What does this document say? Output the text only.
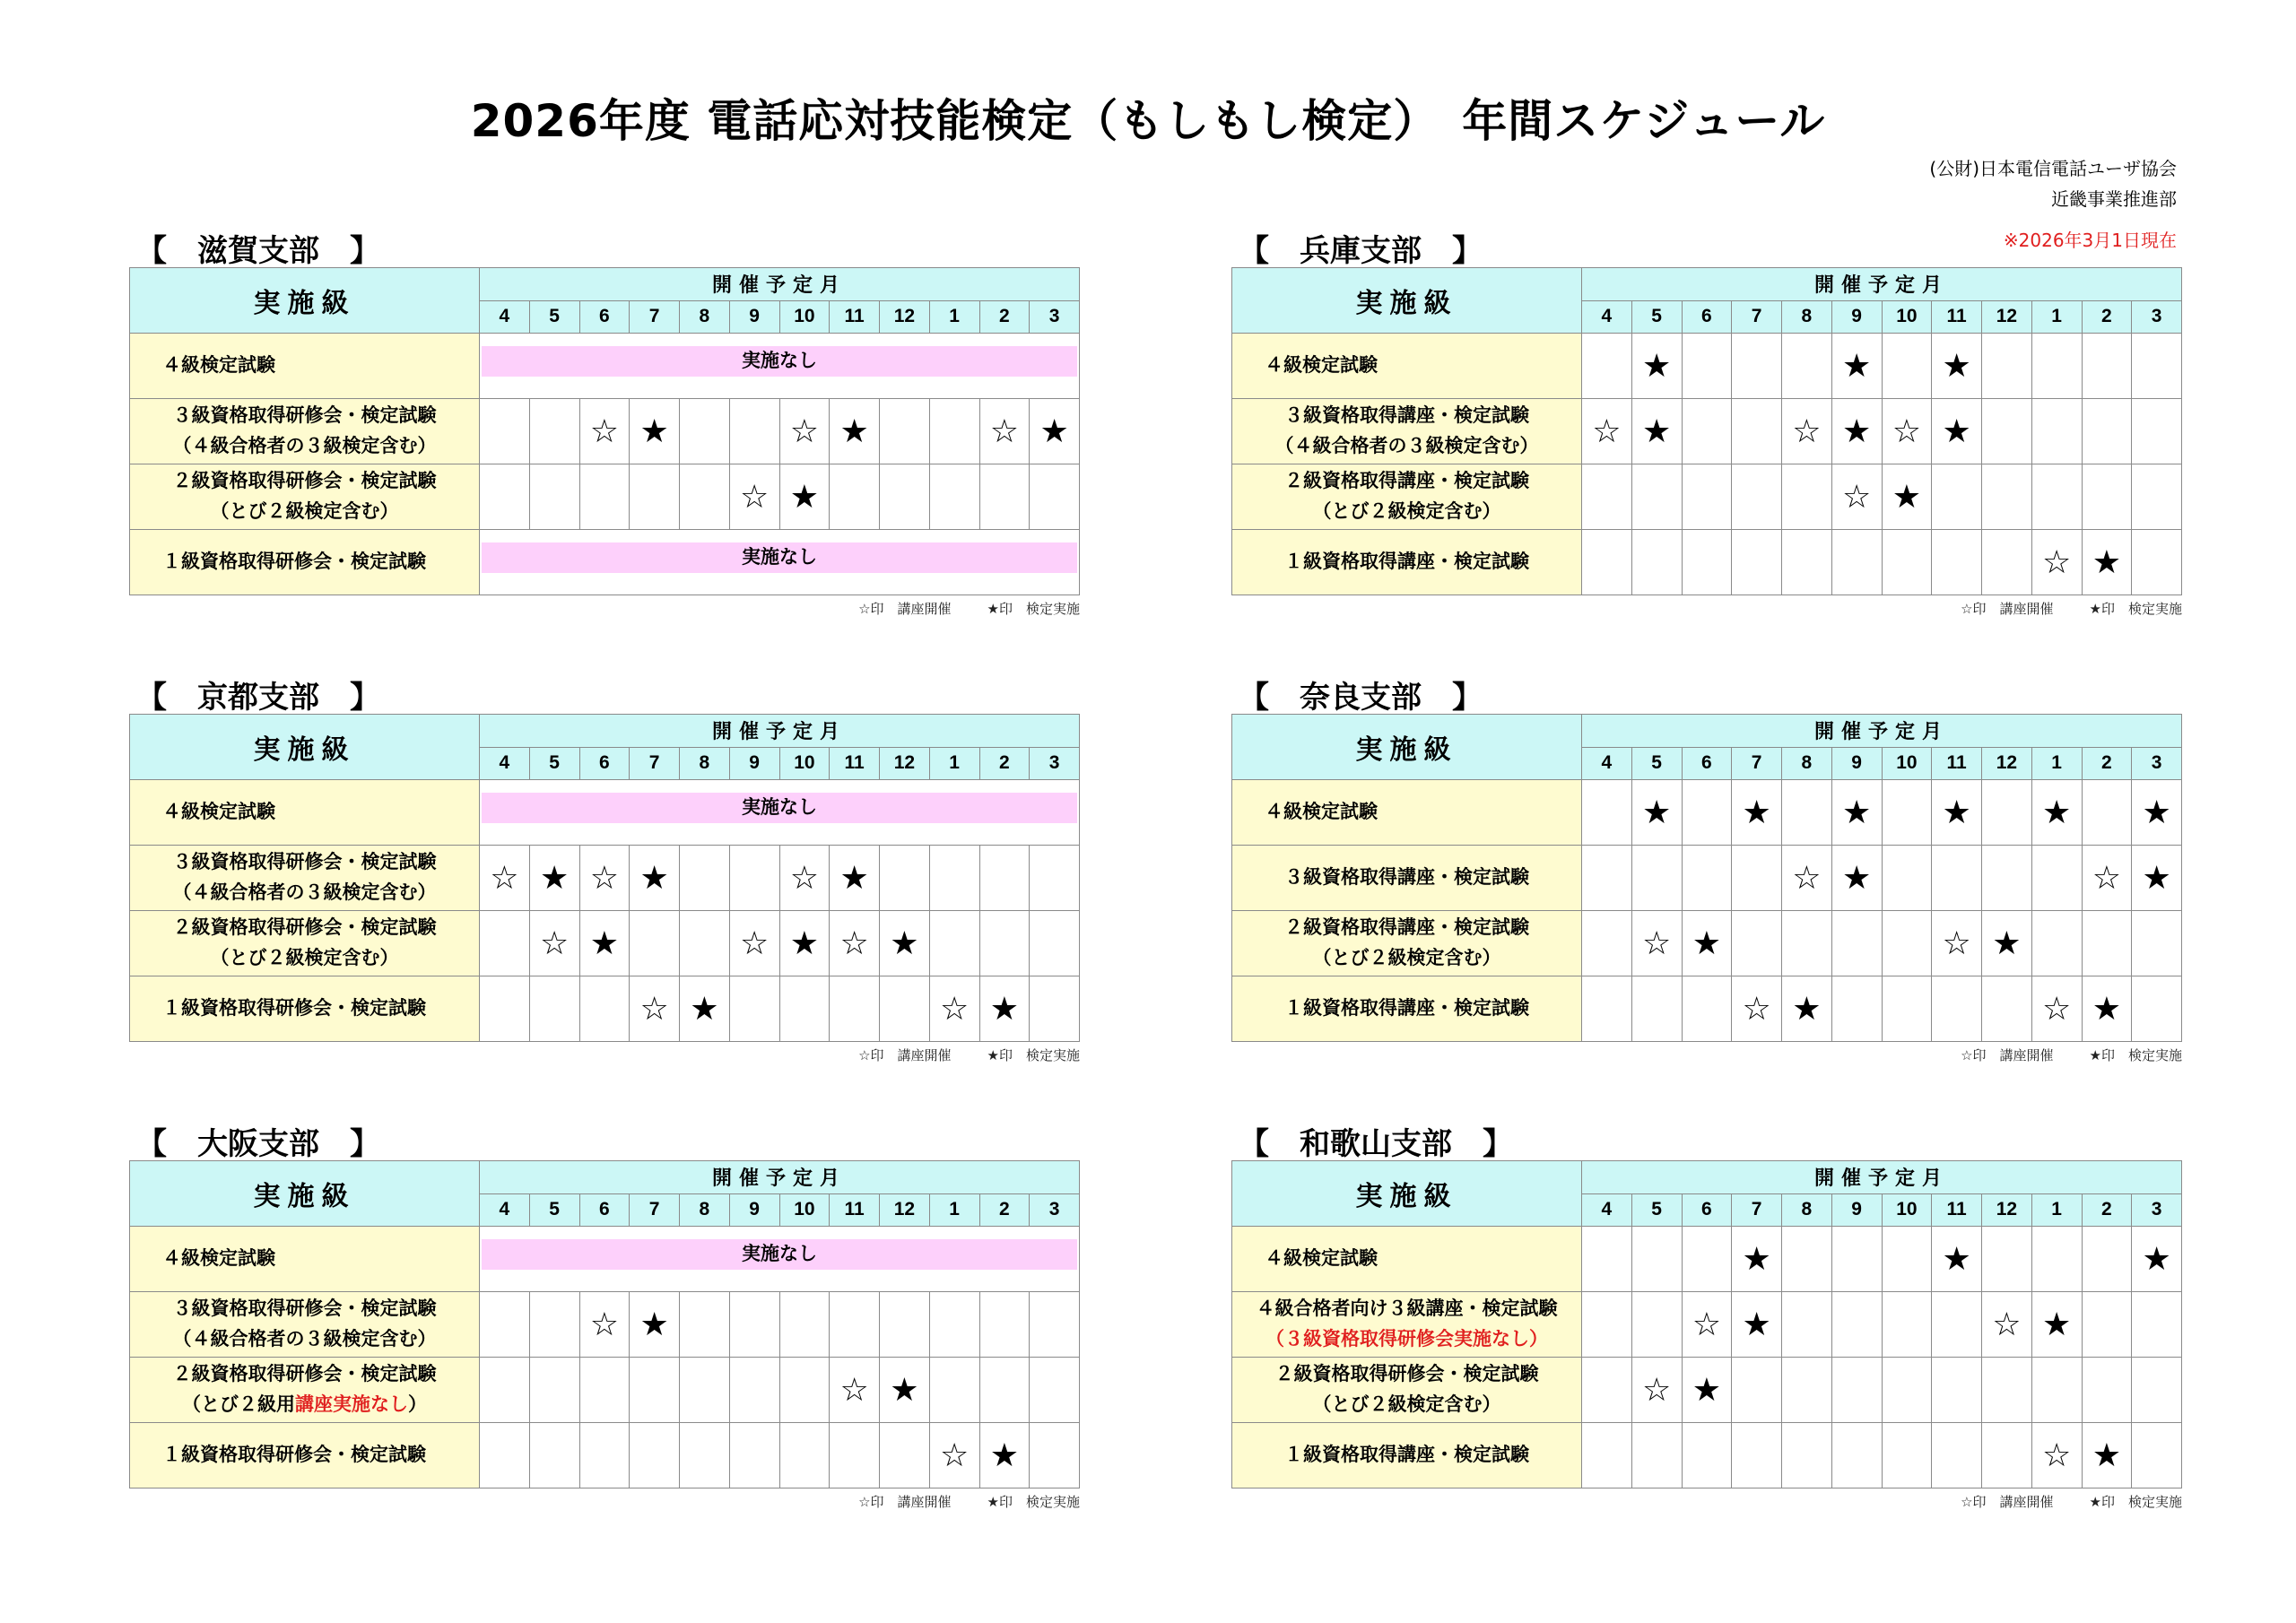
2026年度 電話応対技能検定（もしもし検定）　年間スケジュール
(公財)日本電信電話ユーザ協会
近畿事業推進部
※2026年3月1日現在
【　滋賀支部　】
実施級	開催予定月											
	4	5	6	7	8	9	10	11	12	1	2	3
４級検定試験	実施なし											

３級資格取得研修会・検定試験
（４級合格者の３級検定含む）			☆	★			☆	★			☆	★
２級資格取得研修会・検定試験
（とび２級検定含む）						☆	★					
１級資格取得研修会・検定試験	実施なし											
☆印　講座開催	★印　検定実施
【　兵庫支部　】
実施級	開催予定月											
	4	5	6	7	8	9	10	11	12	1	2	3
４級検定試験		★				★		★				
３級資格取得講座・検定試験
（４級合格者の３級検定含む）	☆	★			☆	★	☆	★				
２級資格取得講座・検定試験
（とび２級検定含む）						☆	★					
１級資格取得講座・検定試験										☆	★	
☆印　講座開催	★印　検定実施
【　京都支部　】
実施級	開催予定月											
	4	5	6	7	8	9	10	11	12	1	2	3
４級検定試験	実施なし											

３級資格取得研修会・検定試験
（４級合格者の３級検定含む）	☆	★	☆	★			☆	★				
２級資格取得研修会・検定試験
（とび２級検定含む）		☆	★			☆	★	☆	★			
１級資格取得研修会・検定試験				☆	★					☆	★	
☆印　講座開催	★印　検定実施
【　奈良支部　】
実施級	開催予定月											
	4	5	6	7	8	9	10	11	12	1	2	3
４級検定試験		★		★		★		★		★		★
３級資格取得講座・検定試験					☆	★					☆	★
２級資格取得講座・検定試験
（とび２級検定含む）		☆	★					☆	★			
１級資格取得講座・検定試験				☆	★					☆	★	
☆印　講座開催	★印　検定実施
【　大阪支部　】
実施級	開催予定月											
	4	5	6	7	8	9	10	11	12	1	2	3
４級検定試験	実施なし											

３級資格取得研修会・検定試験
（４級合格者の３級検定含む）			☆	★								

２級資格取得研修会・検定試験
（とび２級用講座実施なし）								☆	★			
１級資格取得研修会・検定試験										☆	★	
☆印　講座開催	★印　検定実施
【　和歌山支部　】
実施級	開催予定月											
	4	5	6	7	8	9	10	11	12	1	2	3
４級検定試験				★				★				★

４級合格者向け３級講座・検定試験
（３級資格取得研修会実施なし）			☆	★					☆	★		
２級資格取得研修会・検定試験
（とび２級検定含む）		☆	★									
１級資格取得講座・検定試験										☆	★	
☆印　講座開催	★印　検定実施
